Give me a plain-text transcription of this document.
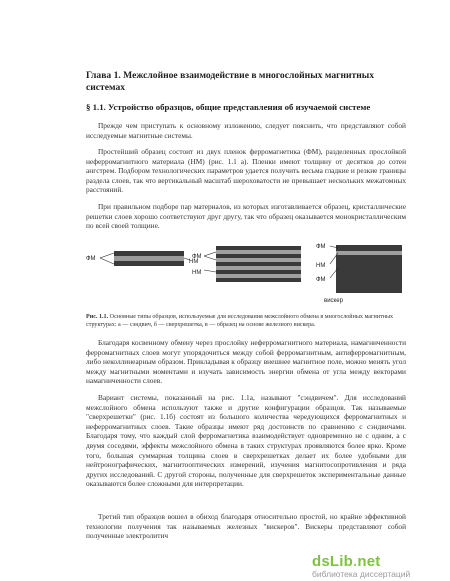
Глава 1. Межслойное взаимодействие в многослойных магнитных системах
§ 1.1. Устройство образцов, общие представления об изучаемой системе

Прежде чем приступать к основному изложению, следует пояснить, что представляют собой исследуемые магнитные системы.

Простейший образец состоит из двух пленок ферромагнетика (ФМ), разделенных прослойкой неферромагнитного материала (НМ) (рис. 1.1 а). Пленки имеют толщину от десятков до сотен ангстрем. Подбором технологических параметров удается получить весьма гладкие и резкие границы раздела слоев, так что вертикальный масштаб шероховатости не превышает нескольких межатомных расстояний.

При правильном подборе пар материалов, из которых изготавливается образец, кристаллические решетки слоев хорошо соответствуют друг другу, так что образец оказывается монокристаллическим по всей своей толщине.

ФМ	НМ
ФМ
НМ
ФМ
НМ
ФМ
вискер

Рис. 1.1. Основные типы образцов, используемые для исследования межслойного обмена в многослойных магнитных структурах: а — сэндвич, б — сверхрешетка, в — образец на основе железного вискера.

Благодаря косвенному обмену через прослойку неферромагнитного материала, намагниченности ферромагнитных слоев могут упорядочиться между собой ферромагнитным, антиферромагнитным, либо неколлинеарным образом. Прикладывая к образцу внешнее магнитное поле, можно менять угол между магнитными моментами и изучать зависимость энергии обмена от угла между векторами намагниченности слоев.

Вариант системы, показанный на рис. 1.1а, называют "сэндвичем". Для исследований межслойного обмена используют также и другие конфигурации образцов. Так называемые "сверхрешетки" (рис. 1.1б) состоят из большого количества чередующихся ферромагнитных и неферромагнитных слоев. Такие образцы имеют ряд достоинств по сравнению с сэндвичами. Благодаря тому, что каждый слой ферромагнетика взаимодействует одновременно не с одним, а с двумя соседями, эффекты межслойного обмена в таких структурах проявляются более ярко. Кроме того, большая суммарная толщина слоев в сверхрешетках делает их более удобными для нейтронографических, магнитооптических измерений, изучения магнитосопротивления и ряда других исследований. С другой стороны, полученные для сверхрешеток экспериментальные данные оказываются более сложными для интерпретации.

Третий тип образцов вошел в обиход благодаря относительно простой, но крайне эффективной технологии получения так называемых железных "вискеров". Вискеры представляют собой полученные электролитич

dsLib.net
библиотека диссертаций
